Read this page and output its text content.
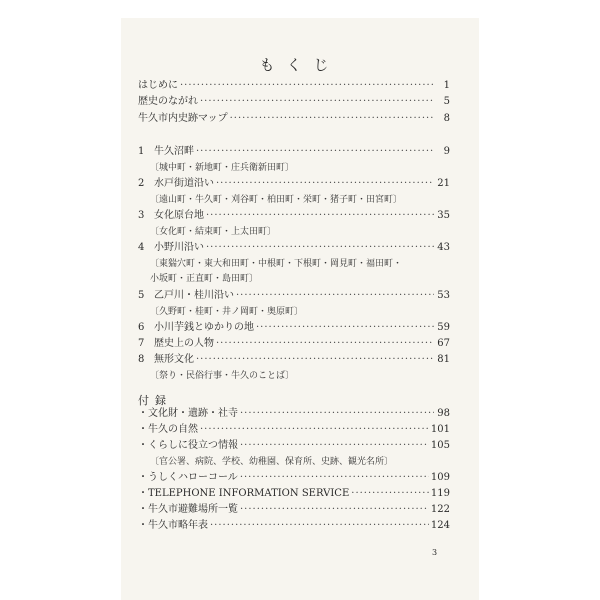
もくじ
はじめに ·····	1
歴史のながれ ·····	5
牛久市内史跡マップ ·····	8
1 牛久沼畔 ·····	9
〔城中町・新地町・庄兵衛新田町〕
2 水戸街道沿い ·····	21
〔遠山町・牛久町・刈谷町・柏田町・栄町・猪子町・田宮町〕
3 女化原台地 ·····	35
〔女化町・結束町・上太田町〕
4 小野川沿い ·····	43
〔東猯穴町・東大和田町・中根町・下根町・岡見町・福田町・
小坂町・正直町・島田町〕
5 乙戸川・桂川沿い ·····	53
〔久野町・桂町・井ノ岡町・奥原町〕
6 小川芋銭とゆかりの地 ·····	59
7 歴史上の人物 ·····	67
8 無形文化 ·····	81
〔祭り・民俗行事・牛久のことば〕
・文化財・遺跡・社寺 ·····	98
・牛久の自然 ·····	101
・くらしに役立つ情報 ·····	105
〔官公署、病院、学校、幼稚園、保育所、史跡、観光名所〕
・うしくハローコール ·····	109
・TELEPHONE INFORMATION SERVICE ·····	119
・牛久市避難場所一覧 ·····	122
・牛久市略年表 ·····	124
付録
3
